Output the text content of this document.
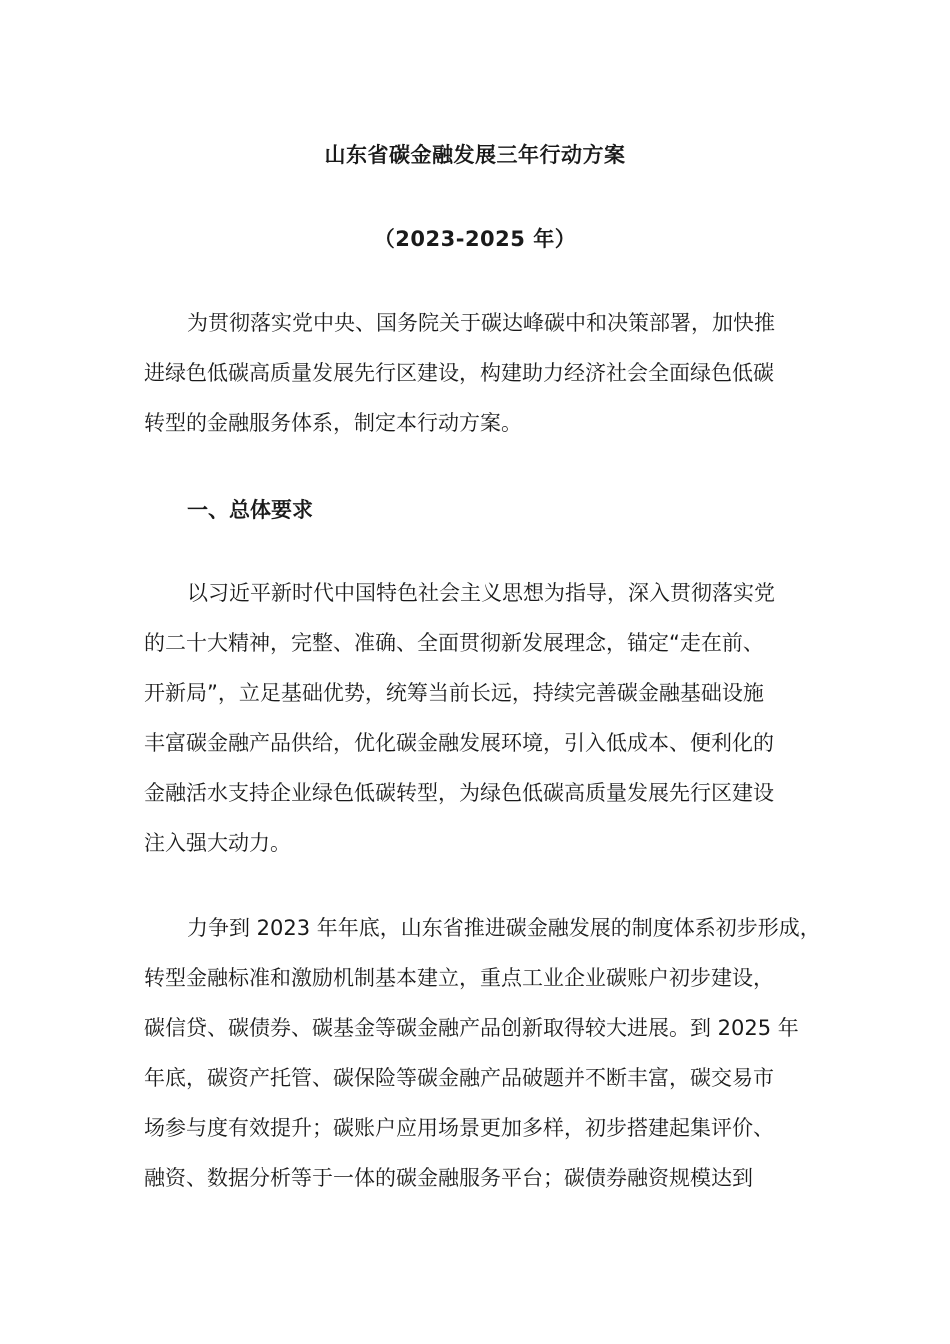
山东省碳金融发展三年行动方案
（2023-2025 年）
为贯彻落实党中央、国务院关于碳达峰碳中和决策部署，加快推
进绿色低碳高质量发展先行区建设，构建助力经济社会全面绿色低碳
转型的金融服务体系，制定本行动方案。
一、总体要求
以习近平新时代中国特色社会主义思想为指导，深入贯彻落实党
的二十大精神，完整、准确、全面贯彻新发展理念，锚定“走在前、
开新局”，立足基础优势，统筹当前长远，持续完善碳金融基础设施
丰富碳金融产品供给，优化碳金融发展环境，引入低成本、便利化的
金融活水支持企业绿色低碳转型，为绿色低碳高质量发展先行区建设
注入强大动力。
力争到 2023 年年底，山东省推进碳金融发展的制度体系初步形成，
转型金融标准和激励机制基本建立，重点工业企业碳账户初步建设，
碳信贷、碳债券、碳基金等碳金融产品创新取得较大进展。到 2025 年
年底，碳资产托管、碳保险等碳金融产品破题并不断丰富，碳交易市
场参与度有效提升；碳账户应用场景更加多样，初步搭建起集评价、
融资、数据分析等于一体的碳金融服务平台；碳债券融资规模达到
